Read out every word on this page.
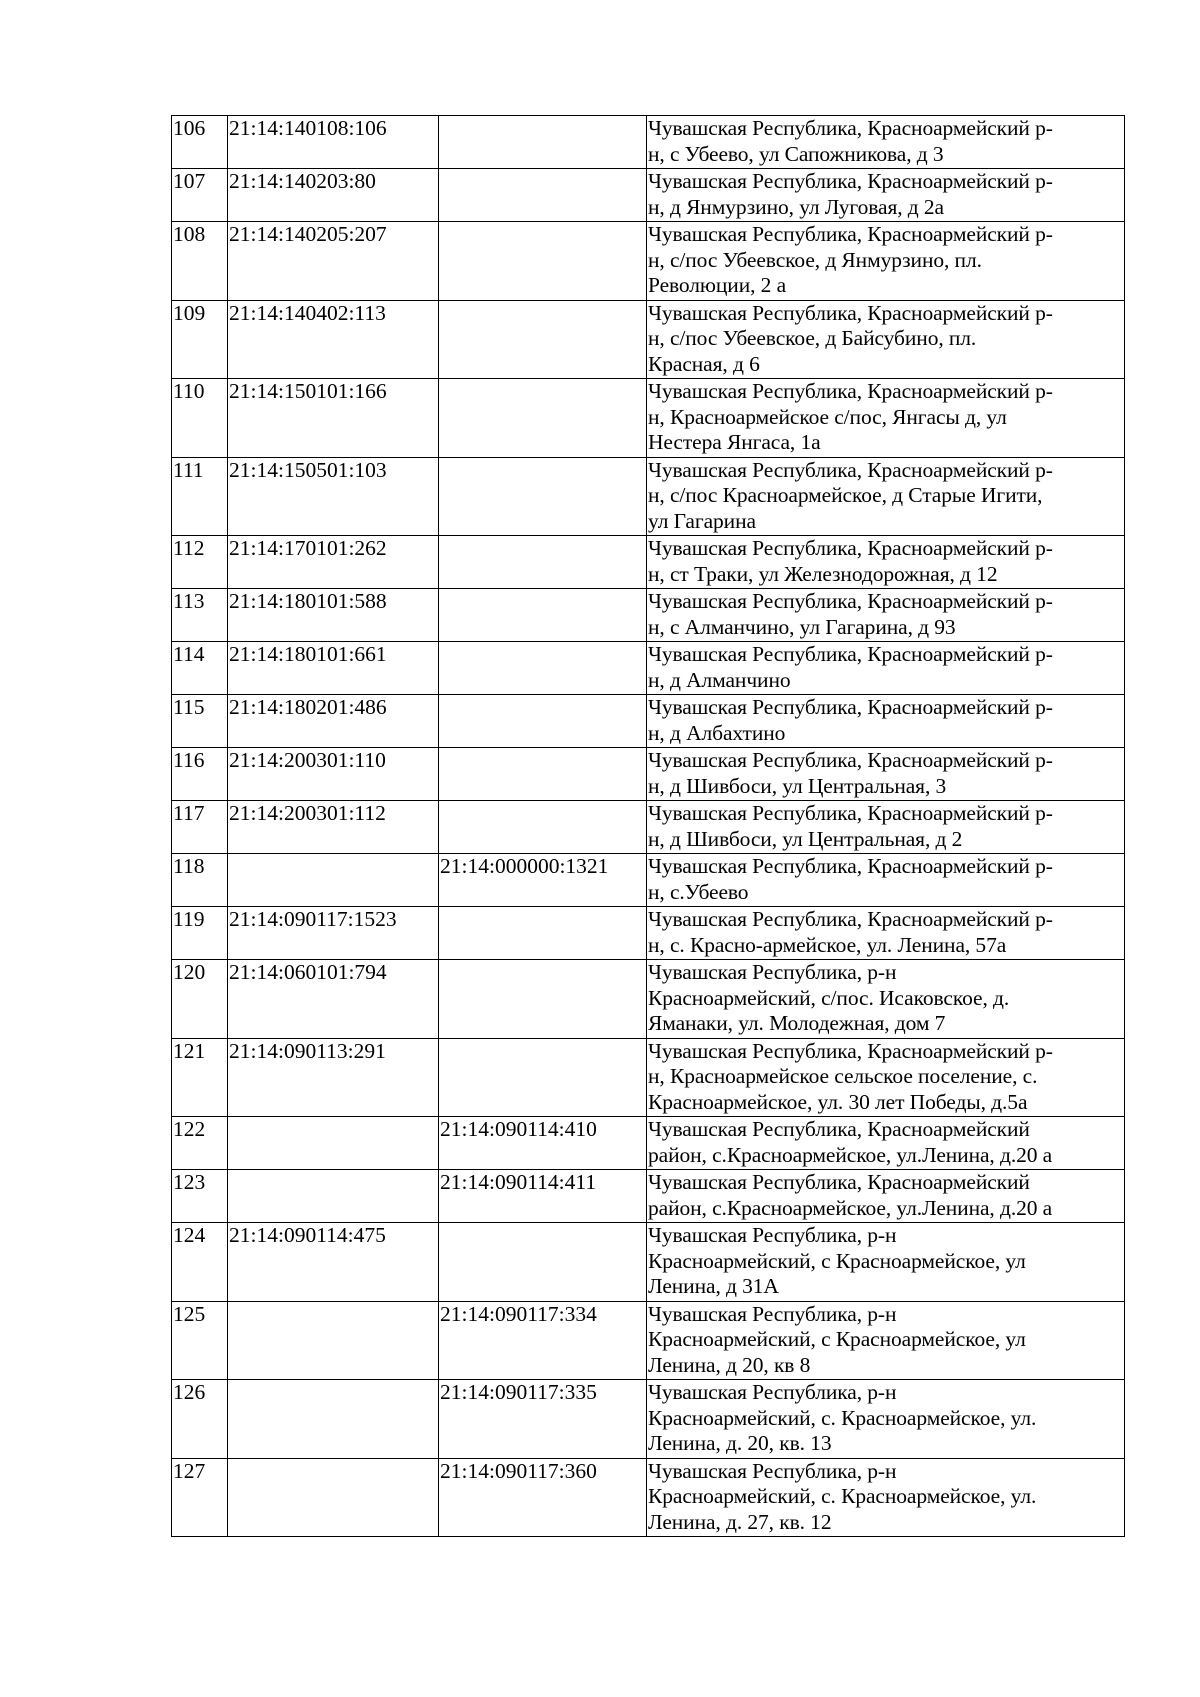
106	21:14:140108:106		Чувашская Республика, Красноармейский р-
н, с Убеево, ул Сапожникова, д 3
107	21:14:140203:80		Чувашская Республика, Красноармейский р-
н, д Янмурзино, ул Луговая, д 2а
108	21:14:140205:207		Чувашская Республика, Красноармейский р-
н, с/пос Убеевское, д Янмурзино, пл.
Революции, 2 а
109	21:14:140402:113		Чувашская Республика, Красноармейский р-
н, с/пос Убеевское, д Байсубино, пл.
Красная, д 6
110	21:14:150101:166		Чувашская Республика, Красноармейский р-
н, Красноармейское с/пос, Янгасы д, ул
Нестера Янгаса, 1а
111	21:14:150501:103		Чувашская Республика, Красноармейский р-
н, с/пос Красноармейское, д Старые Игити,
ул Гагарина
112	21:14:170101:262		Чувашская Республика, Красноармейский р-
н, ст Траки, ул Железнодорожная, д 12
113	21:14:180101:588		Чувашская Республика, Красноармейский р-
н, с Алманчино, ул Гагарина, д 93
114	21:14:180101:661		Чувашская Республика, Красноармейский р-
н, д Алманчино
115	21:14:180201:486		Чувашская Республика, Красноармейский р-
н, д Албахтино
116	21:14:200301:110		Чувашская Республика, Красноармейский р-
н, д Шивбоси, ул Центральная, 3
117	21:14:200301:112		Чувашская Республика, Красноармейский р-
н, д Шивбоси, ул Центральная, д 2
118		21:14:000000:1321	Чувашская Республика, Красноармейский р-
н, с.Убеево
119	21:14:090117:1523		Чувашская Республика, Красноармейский р-
н, с. Красно-армейское, ул. Ленина, 57а
120	21:14:060101:794		Чувашская Республика, р-н
Красноармейский, с/пос. Исаковское, д.
Яманаки, ул. Молодежная, дом 7
121	21:14:090113:291		Чувашская Республика, Красноармейский р-
н, Красноармейское сельское поселение, с.
Красноармейское, ул. 30 лет Победы, д.5а
122		21:14:090114:410	Чувашская Республика, Красноармейский
район, с.Красноармейское, ул.Ленина, д.20 а
123		21:14:090114:411	Чувашская Республика, Красноармейский
район, с.Красноармейское, ул.Ленина, д.20 а
124	21:14:090114:475		Чувашская Республика, р-н
Красноармейский, с Красноармейское, ул
Ленина, д 31А
125		21:14:090117:334	Чувашская Республика, р-н
Красноармейский, с Красноармейское, ул
Ленина, д 20, кв 8
126		21:14:090117:335	Чувашская Республика, р-н
Красноармейский, с. Красноармейское, ул.
Ленина, д. 20, кв. 13
127		21:14:090117:360	Чувашская Республика, р-н
Красноармейский, с. Красноармейское, ул.
Ленина, д. 27, кв. 12
